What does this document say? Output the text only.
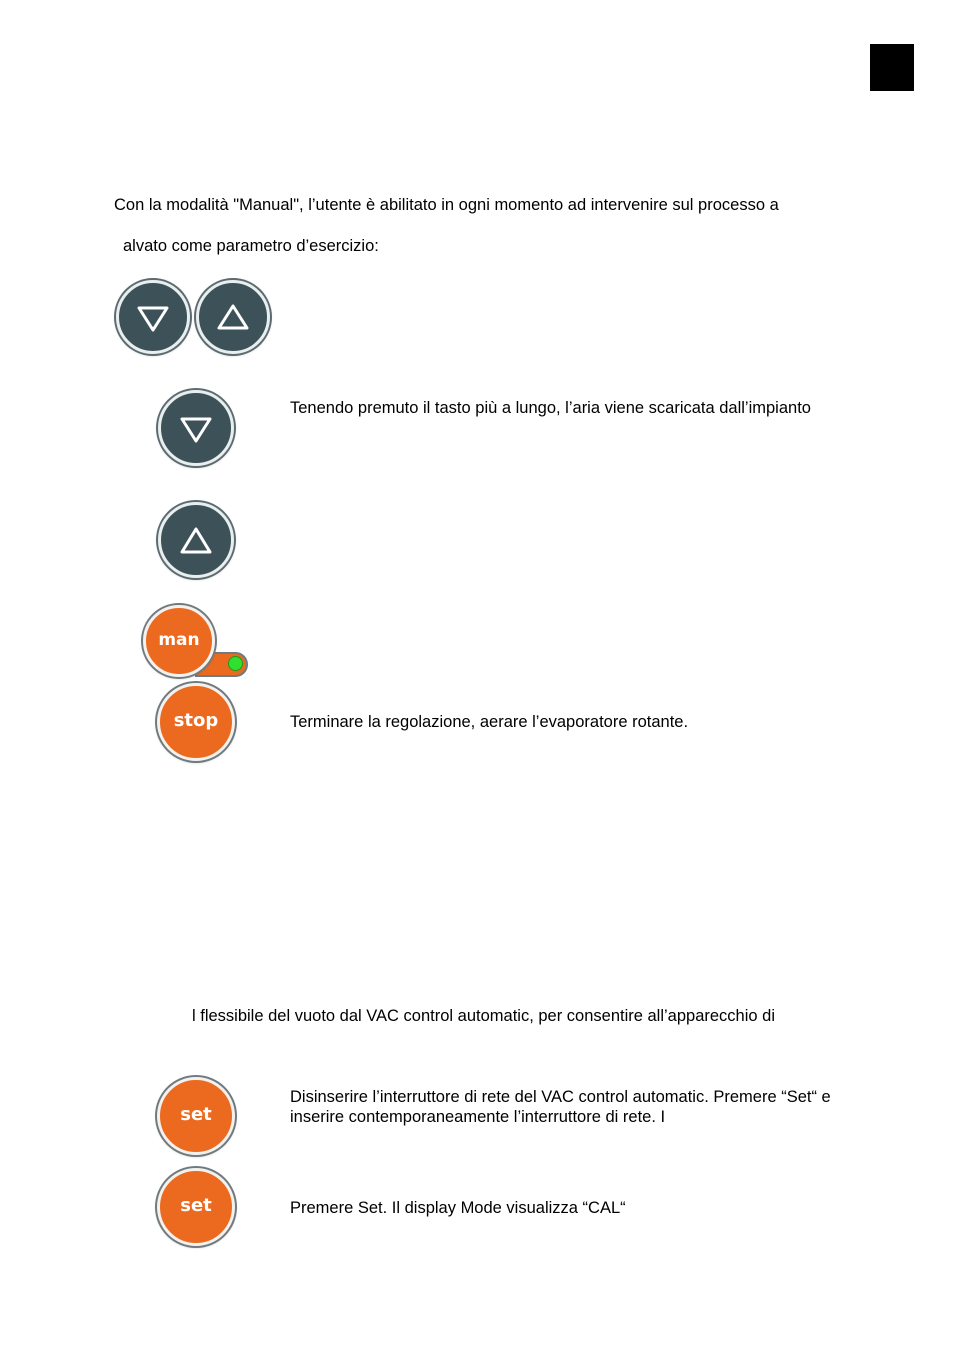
Con la modalità "Manual", l’utente è abilitato in ogni momento ad intervenire sul processo a
alvato come parametro d’esercizio:
Tenendo premuto il tasto più a lungo, l’aria viene scaricata dall’impianto
man
stop	Terminare la regolazione, aerare l’evaporatore rotante.
l flessibile del vuoto dal VAC control automatic, per consentire all’apparecchio di
set
Disinserire l’interruttore di rete del VAC control automatic. Premere “Set“ e
inserire contemporaneamente l’interruttore di rete. I
set	Premere Set. Il display Mode visualizza “CAL“
